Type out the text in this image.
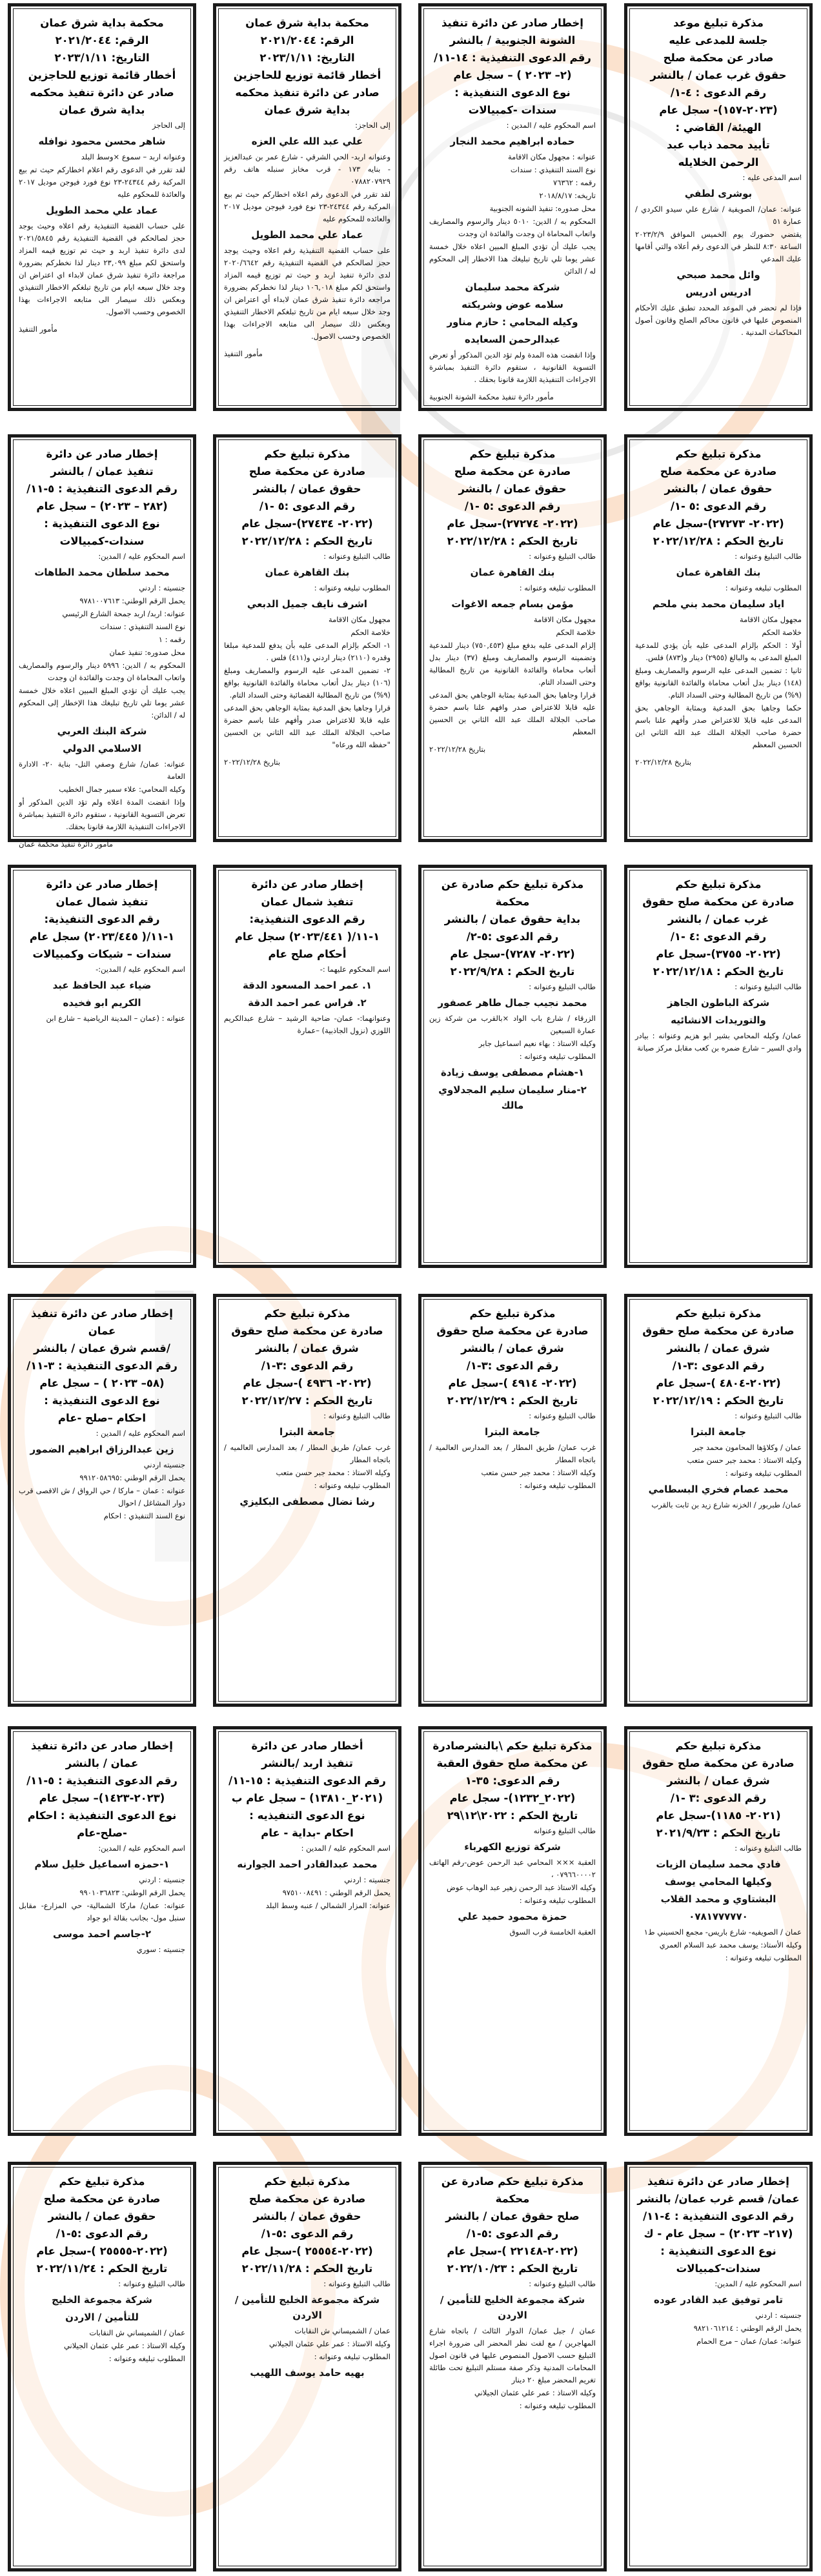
مذكرة تبليغ موعد
جلسة للمدعى عليه
صادر عن محكمة صلح
حقوق غرب عمان / بالنشر
رقم الدعوى : ٤-١/
(٢٠٢٣-١٥٧)- سجل عام
الهيئة/ القاضي :
تأييد محمد ذياب عبد
الرحمن الخلايله
اسم المدعى عليه :
بوشرى لطفي
عنوانه: عمان/ الصويفية / شارع علي سيدو الكردي / عمارة ٥١
يقتضي حضورك يوم الخميس الموافق ٢٠٢٣/٢/٩ الساعة ٨:٣٠ للنظر في الدعوى رقم أعلاه والتي أقامها عليك المدعي
وائل محمد صبحي
ادريس ادريس
فإذا لم تحضر في الموعد المحدد تطبق عليك الأحكام المنصوص عليها في قانون محاكم الصلح وقانون أصول المحاكمات المدنية .
إخطار صادر عن دائرة تنفيذ
الشونة الجنوبية / بالنشر
رقم الدعوى التنفيذية : ١٤-١١/
(٢– ٢٠٢٣ ) – سجل عام
نوع الدعوى التنفيذية :
سندات -كمبيالات
اسم المحكوم عليه / المدين :
حماده ابراهيم محمد النجار
عنوانه : مجهول مكان الاقامة
نوع السند التنفيذي : سندات
رقمه : ٧٦٣٦٢
تاريخه: ٢٠١٨/٨/١٧
محل صدوره: تنفيذ الشونه الجنوبية
المحكوم به / الدين: ٥٠١٠ دينار والرسوم والمصاريف واتعاب المحاماة ان وجدت والفائدة ان وجدت
يجب عليك أن تؤدي المبلغ المبين اعلاه خلال خمسة عشر يوما تلي تاريخ تبليغك هذا الاخطار إلى المحكوم له / الدائن
شركة محمد سليمان
سلامه عوض وشريكته
وكيله المحامي : حازم مناور
عبدالرحمن السعايده
وإذا انقضت هذه المدة ولم تؤد الدين المذكور أو تعرض التسوية القانونية ، ستقوم دائرة التنفيذ بمباشرة الاجراءات التنفيذية اللازمة قانونا بحقك .
مأمور دائرة تنفيذ محكمة الشونة الجنوبية
محكمة بداية شرق عمان
الرقم: ٢٠٢١/٢٠٤٤
التاريخ: ٢٠٢٣/١/١١
أخطار قائمة توزيع للحاجزين
صادر عن دائرة تنفيذ محكمه
بداية شرق عمان
إلى الحاجز:
علي عبد الله علي العزه
وعنوانه اربد- الحي الشرقي - شارع عمر بن عبدالعزيز - بنايه ١٧٣ - قرب مخابز سنبله هاتف رقم ٠٧٨٨٢٠٧٩٢٩
لقد تقرر في الدعوى رقم اعلاه اخطاركم حيث تم بيع المركبة رقم ٢٤٣٤٤-٢٣ نوع فورد فيوجن موديل ٢٠١٧ والعائده للمحكوم عليه
عماد علي محمد الطويل
على حساب القضية التنفيذية رقم اعلاه وحيث يوجد حجز لصالحكم في القضية التنفيذية رقم ٢٠٢٠/٦٦٤٢ لدى دائرة تنفيذ اربد و حيث تم توزيع قيمه المزاد واستحق لكم مبلغ ١٠٦,٠١٨ دينار لذا نخطركم بضرورة مراجعه دائرة تنفيذ شرق عمان لابداء أي اعتراض ان وجد خلال سبعه ايام من تاريخ تبلغكم الاخطار التنفيذي وبعكس ذلك سيصار الى متابعه الاجراءات بهذا الخصوص وحسب الاصول.
مأمور التنفيذ
محكمة بداية شرق عمان
الرقم: ٢٠٢١/٢٠٤٤
التاريخ: ٢٠٢٣/١/١١
أخطار قائمة توزيع للحاجزين
صادر عن دائرة تنفيذ محكمه
بداية شرق عمان
إلى الحاجز
شاهر محسن محمود نوافله
وعنوانه اربد – سموع ×وسط البلد
لقد تقرر في الدعوى رقم اعلام اخطاركم حيث تم بيع المركبة رقم ٢٤٣٤٤-٢٣ نوع فورد فيوجن موديل ٢٠١٧ والعائدة للمحكوم عليه
عماد علي محمد الطويل
على حساب القضية التنفيذية رقم اعلاه وحيث يوجد حجز لصالحكم في القضية التنفيذية رقم ٢٠٢١/٥٨٤٥ لدى دائرة تنفيذ اربد و حيث تم توزيع قيمه المزاد واستحق لكم مبلغ ٢٣,٠٩٩ دينار لذا نخطركم بضرورة مراجعة دائرة تنفيذ شرق عمان لابداء اي اعتراض ان وجد خلال سبعه ايام من تاريخ تبلغكم الاخطار التنفيذي وبعكس ذلك سيصار الى متابعه الاجراءات بهذا الخصوص وحسب الاصول.
مأمور التنفيذ
مذكرة تبليغ حكم
صادرة عن محكمة صلح
حقوق عمان / بالنشر
رقم الدعوى :٥ -١/
(٢٠٢٢- ٢٧٢٧٣)-سجل عام
تاريخ الحكم : ٢٠٢٢/١٢/٢٨
طالب التبليغ وعنوانه :
بنك القاهرة عمان
المطلوب تبليغه وعنوانه :
اياد سليمان محمد بني ملحم
مجهول مكان الاقامة
خلاصة الحكم
أولا : الحكم بإلزام المدعى عليه بأن يؤدي للمدعية المبلغ المدعى به والبالغ (٢٩٥٥) دينار و(٨٧٣) فلس.
ثانيا : تضمين المدعى عليه الرسوم والمصاريف ومبلغ (١٤٨) دينار بدل أتعاب محاماة والفائدة القانونية بواقع (٩%) من تاريخ المطالبة وحتى السداد التام.
حكما وجاهيا بحق المدعية وبمثابة الوجاهي بحق المدعى عليه قابلا للاعتراض صدر وأفهم علنا باسم حضرة صاحب الجلالة الملك عبد الله الثاني ابن الحسين المعظم
بتاريخ ٢٠٢٢/١٢/٢٨
مذكرة تبليغ حكم
صادرة عن محكمة صلح
حقوق عمان / بالنشر
رقم الدعوى :٥ -١/
(٢٠٢٢- ٢٧٢٧٤)-سجل عام
تاريخ الحكم : ٢٠٢٢/١٢/٢٨
طالب التبليغ وعنوانه :
بنك القاهرة عمان
المطلوب تبليغه وعنوانه :
مؤمن بسام جمعه الاغوات
مجهول مكان الاقامة
خلاصة الحكم
إلزام المدعى عليه بدفع مبلغ (٧٥٠,٤٥٣) دينار للمدعية وتضمينه الرسوم والمصاريف ومبلغ (٣٧) دينار بدل أتعاب محاماة والفائدة القانونية من تاريخ المطالبة وحتى السداد التام.
قرارا وجاهيا بحق المدعية بمثابة الوجاهي بحق المدعى عليه قابلا للاعتراض صدر وافهم علنا باسم حضرة صاحب الجلالة الملك عبد الله الثاني بن الحسين المعظم
بتاريخ ٢٠٢٢/١٢/٢٨
مذكرة تبليغ حكم
صادرة عن محكمة صلح
حقوق عمان / بالنشر
رقم الدعوى :٥ -١/
(٢٠٢٢- ٢٧٤٣٤)-سجل عام
تاريخ الحكم : ٢٠٢٢/١٢/٢٨
طالب التبليغ وعنوانه :
بنك القاهرة عمان
المطلوب تبليغه وعنوانه :
اشرف نايف جميل الدبعي
مجهول مكان الاقامة
خلاصة الحكم
١- الحكم بإلزام المدعى عليه بأن يدفع للمدعية مبلغا وقدره (٢١١٠) دينار اردني و(٤١١) فلس .
٢- تضمين المدعى عليه الرسوم والمصاريف ومبلغ (١٠٦) دينار بدل أتعاب محاماة والفائدة القانونية بواقع (٩%) من تاريخ المطالبة القضائية وحتى السداد التام.
قرارا وجاهيا بحق المدعية بمثابة الوجاهي بحق المدعى عليه قابلا للاعتراض صدر وأفهم علنا باسم حضرة صاحب الجلالة الملك عبد الله الثاني بن الحسين "حفظه الله ورعاه"
بتاريخ ٢٠٢٢/١٢/٢٨
إخطار صادر عن دائرة
تنفيذ عمان / بالنشر
رقم الدعوى التنفيذية : ٥-١١/
(٢٨٢ – ٢٠٢٣) – سجل عام
نوع الدعوى التنفيذية :
سندات-كمبيالات
اسم المحكوم عليه / المدين:
محمد سلطان محمد الطاهات
جنسيته : اردني
يحمل الرقم الوطني: ٩٧٨١٠٠٧٦١٣
عنوانه: اربد/ اربد جمحة الشارع الرئيسي
نوع السند التنفيذي : سندات
رقمه : ١
محل صدوره: تنفيذ عمان
المحكوم به / الدين: ٥٩٩٦ دينار والرسوم والمصاريف واتعاب المحاماة ان وجدت والفائدة ان وجدت
يجب عليك أن تؤدي المبلغ المبين اعلاه خلال خمسة عشر يوما تلي تاريخ تبليغك هذا الإخطار إلى المحكوم له / الدائن:
شركة البنك العربي
الاسلامي الدولي
عنوانه: عمان/ شارع وصفي التل- بناية ٢٠- الادارة العامة
وكيله المحامي: علاء سمير جمال الخطيب
وإذا انقضت المدة اعلاه ولم تؤد الدين المذكور أو تعرض التسوية القانونية ، ستقوم دائرة التنفيذ بمباشرة الاجراءات التنفيذية اللازمة قانونا بحقك.
مأمور دائرة تنفيذ محكمة عمان
مذكرة تبليغ حكم
صادرة عن محكمة صلح حقوق
غرب عمان / بالنشر
رقم الدعوى :٤ -١/
(٢٠٢٢- ٣٧٥٥)-سجل عام
تاريخ الحكم : ٢٠٢٢/١٢/١٨
طالب التبليغ وعنوانه :
شركة الباطون الجاهز
والتوريدات الانشائيه
عمان/ وكيله المحامي بشير ابو هزيم وعنوانه : بيادر وادي السير – شارع ضمره بن كعب مقابل مركز صيانة
مذكرة تبليغ حكم صادرة عن محكمة
بداية حقوق عمان / بالنشر
رقم الدعوى :٥-٢/
(٢٠٢٢- ٧٢٨٧)-سجل عام
تاريخ الحكم : ٢٠٢٢/٩/٢٨
طالب التبليغ وعنوانه :
محمد نجيب جمال طاهر عصفور
الزرقاء / شارع باب الواد ×بالقرب من شركة زين عمارة السبعين
وكيله الاستاذ : بهاء نعيم اسماعيل جابر
المطلوب تبليغه وعنوانه :
١-هشام مصطفى يوسف زيادة
٢-منار سليمان سليم المجدلاوي مالك
إخطار صادر عن دائرة
تنفيذ شمال عمان
رقم الدعوى التنفيذية:
١-١١/( ٢٠٢٣/٤٤١) سجل عام
أحكام صلح عام
اسم المحكوم عليهما :-
١. عمر احمد المسعود الدقة
٢. فراس عمر احمد الدقة
وعنوانهما:- عمان- ضاحية الرشيد – شارع عبدالكريم اللوزي (نزول الجاذبية) –عمارة
إخطار صادر عن دائرة
تنفيذ شمال عمان
رقم الدعوى التنفيذية:
١-١١/( ٢٠٢٣/٤٤٥) سجل عام
سندات – شيكات وكمبيالات
اسم المحكوم عليه / المدين:-
ضياء عبد الحافظ عبد
الكريم ابو فخيده
عنوانه : (عمان – المدينة الرياضية – شارع ابن
مذكرة تبليغ حكم
صادرة عن محكمة صلح حقوق
شرق عمان / بالنشر
رقم الدعوى :٣-١/
(٢٠٢٢-٤٨٠٤ )-سجل عام
تاريخ الحكم : ٢٠٢٢/١٢/١٩
طالب التبليغ وعنوانه :
جامعة البترا
عمان / وكلاؤها المحامون محمد جبر
وكيله الاستاذ : محمد جبر حسن متعب
المطلوب تبليغه وعنوانه :
محمد عصام فخري البسطامي
عمان/ طبربور / الخزنه شارع زيد بن ثابت بالقرب
مذكرة تبليغ حكم
صادرة عن محكمة صلح حقوق
شرق عمان / بالنشر
رقم الدعوى :٣-١/
(٢٠٢٢- ٤٩١٤ )-سجل عام
تاريخ الحكم : ٢٠٢٢/١٢/٢٩
طالب التبليغ وعنوانه :
جامعة البترا
غرب عمان/ طريق المطار / بعد المدارس العالمية / باتجاه المطار
وكيله الاستاذ : محمد جبر حسن متعب
المطلوب تبليغه وعنوانه :
مذكرة تبليغ حكم
صادرة عن محكمة صلح حقوق
شرق عمان / بالنشر
رقم الدعوى :٣-١/
(٢٠٢٢- ٤٩٣٦ )-سجل عام
تاريخ الحكم : ٢٠٢٢/١٢/٢٧
طالب التبليغ وعنوانه :
جامعة البترا
غرب عمان/ طريق المطار / بعد المدارس العالميه / باتجاه المطار
وكيله الاستاذ : محمد جبر حسن متعب
المطلوب تبليغه وعنوانه :
رشا نضال مصطفى البكليزي
إخطار صادر عن دائرة تنفيذ عمان
/قسم شرق عمان / بالنشر
رقم الدعوى التنفيذية : ٣-١١/
(٥٨– ٢٠٢٣ ) – سجل عام
نوع الدعوى التنفيذية :
احكام –صلح -عام
اسم المحكوم عليه / المدين :
زين عبدالرزاق ابراهيم الضمور
جنسيته اردني
يحمل الرقم الوطني :٩٩١٢٠٥٨٦٩٥
عنوانه : عمان – ماركا / حي الرواق / ش الاقصى قرب دوار المشاغل / احوال
نوع السند التنفيذي : احكام
مذكرة تبليغ حكم
صادرة عن محكمة صلح حقوق
شرق عمان / بالنشر
رقم الدعوى :٣ -١/
(٢٠٢١- ١١٨٥)-سجل عام
تاريخ الحكم : ٢٠٢١/٩/٢٣
طالب التبليغ وعنوانه :
فادي محمد سليمان الزيات
وكيلها المحامي يوسف
البشتاوي و محمد القلاب
٠٧٨١٧٧٧٧٧٠
عمان / الصويفيه- شارع باريس- مجمع الحسيني ط١
وكيله الأستاذ: يوسف محمد عبد السلام العمري
المطلوب تبليغه وعنوانه :
مذكرة تبليغ حكم \بالنشرصادرة
عن محكمة صلح حقوق العقبة
رقم الدعوى: ٣٥-١
(٢٠٢٢_١٢٣٢)- سجل عام
تاريخ الحكم : ٢٠٢٢\١٢\٢٩
طالب التبليغ وعنوانه
شركة توزيع الكهرباء
العقبة ××× المحامي عبد الرحمن عوض-رقم الهاتف ٠٧٩٦٦٠٠٠٠٢ ،
وكيله الاستاذ عبد الرحمن زهير عبد الوهاب عوض
المطلوب تبليغه وعنوانه :
حمزة محمود حميد علي
العقبة الخامسة قرب السوق
أخطار صادر عن دائرة
تنفيذ اربد /بالنشر
رقم الدعوى التنفيذية : ١٥-١١/
(٢٠٢١_١٣٨١٠) – سجل عام ب
نوع الدعوى التنفيذيه :
احكام -بداية - عام
اسم المحكوم عليه / المدين :
محمد عبدالقادر احمد الجوارنه
جنسيته : اردني
يحمل الرقم الوطني : ٩٧٥١٠٠٨٤٩١
عنوانه: المزار الشمالي / عنبه وسط البلد
إخطار صادر عن دائرة تنفيذ
عمان / بالنشر
رقم الدعوى التنفيذية : ٥-١١/
(٢٠٢٣-١٤٢٣)– سجل عام
نوع الدعوى التنفيذية : احكام -صلح-عام
اسم المحكوم عليه / المدين:
١-حمزه اسماعيل خليل سلام
جنسيته : اردني
يحمل الرقم الوطني: ٩٩٠١٠٣٦٨٢٣
عنوانه: عمان/ ماركا الشمالية- حي المزارع- مقابل سنبل مول- بجانب بقالة ابو جواد
٢-جاسم احمد موسى
جنسيته : سوري
إخطار صادر عن دائرة تنفيذ
عمان/ قسم غرب عمان/ بالنشر
رقم الدعوى التنفيذية : ٤-١١/
(٢١٧– ٢٠٢٣) – سجل عام - ك
نوع الدعوى التنفيذية :
سندات-كمبيالات
اسم المحكوم عليه / المدين:
تامر توفيق عبد القادر عوده
جنسيته : اردني
يحمل الرقم الوطني : ٩٨٢١٠٦١٢١٤
عنوانه: عمان/ عمان – مرج الحمام
مذكرة تبليغ حكم صادرة عن محكمة
صلح حقوق عمان / بالنشر
رقم الدعوى :٥-١/
(٢٠٢٢-٢٢١٤٨ )-سجل عام
تاريخ الحكم : ٢٠٢٢/١٠/٢٣
طالب التبليغ وعنوانه :
شركة مجموعة الخليج للتأمين / الاردن
عمان / جبل عمان/ الدوار الثالث / باتجاه شارع المهاجرين / مع لفت نظر المحضر الى ضرورة اجراء التبليغ حسب الاصول المنصوص عليها في قانون اصول المحامات المدنية وذكر صفة مستلم التبليغ تحت طائلة تغريم المحضر مبلغ ٢٠ دينار
وكيله الاستاذ : عمر علي عثمان الجيلاني
المطلوب تبليغه وعنوانه :
مذكرة تبليغ حكم
صادرة عن محكمة صلح
حقوق عمان / بالنشر
رقم الدعوى :٥-١/
(٢٠٢٢-٢٥٥٥٤ )-سجل عام
تاريخ الحكم : ٢٠٢٢/١١/٢٨
طالب التبليغ وعنوانه :
شركة مجموعة الخليج للتأمين / الاردن
عمان / الشميساني ش النقابات
وكيله الاستاذ : عمر علي عثمان الجيلاني
المطلوب تبليغه وعنوانه :
بهيه حامد يوسف اللهيب
مذكرة تبليغ حكم
صادرة عن محكمة صلح
حقوق عمان / بالنشر
رقم الدعوى :٥-١/
(٢٠٢٢-٢٥٥٥٥ )-سجل عام
تاريخ الحكم : ٢٠٢٢/١١/٢٤
طالب التبليغ وعنوانه :
شركة مجموعة الخليج
للتأمين / الاردن
عمان / الشميساني ش النقابات
وكيله الاستاذ : عمر علي عثمان الجيلاني
المطلوب تبليغه وعنوانه :
